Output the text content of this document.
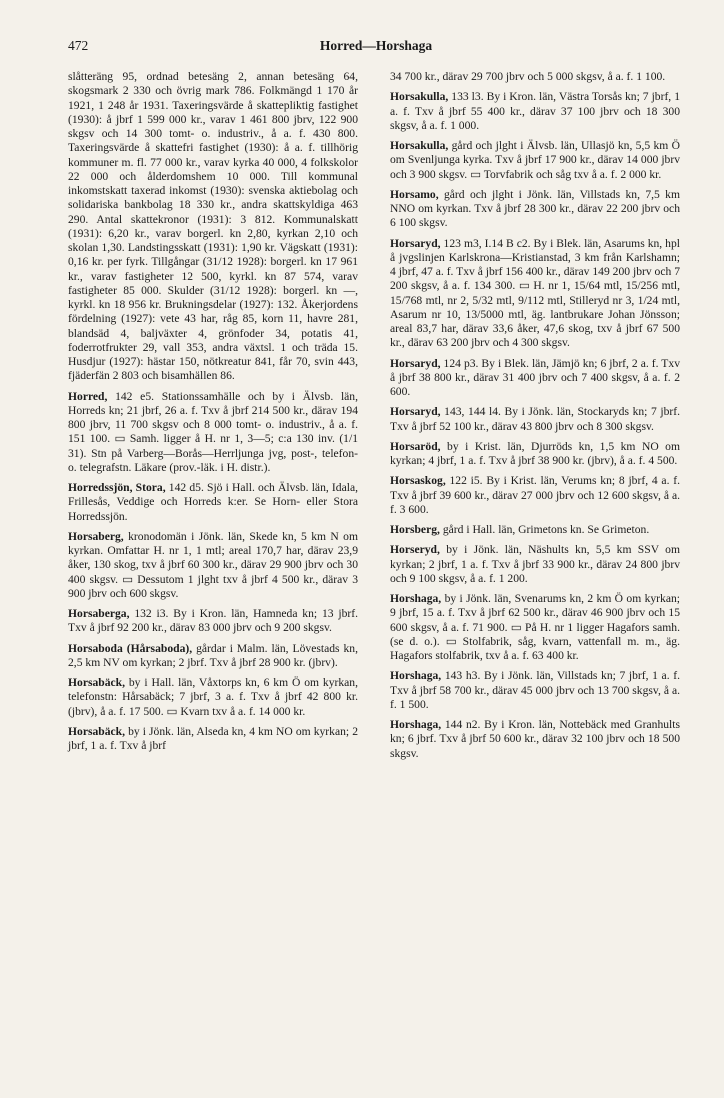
472	Horred—Horshaga

slåtteräng 95, ordnad betesäng 2, annan betesäng 64, skogsmark 2 330 och övrig mark 786. Folkmängd 1 170 år 1921, 1 248 år 1931. Taxeringsvärde å skattepliktig fastighet (1930): å jbrf 1 599 000 kr., varav 1 461 800 jbrv, 122 900 skgsv och 14 300 tomt- o. industriv., å a. f. 430 800. Taxeringsvärde å skattefri fastighet (1930): å a. f. tillhörig kommuner m. fl. 77 000 kr., varav kyrka 40 000, 4 folkskolor 22 000 och ålderdomshem 10 000. Till kommunal inkomstskatt taxerad inkomst (1930): svenska aktiebolag och solidariska bankbolag 18 330 kr., andra skattskyldiga 463 290. Antal skattekronor (1931): 3 812. Kommunalskatt (1931): 6,20 kr., varav borgerl. kn 2,80, kyrkan 2,10 och skolan 1,30. Landstingsskatt (1931): 1,90 kr. Vägskatt (1931): 0,16 kr. per fyrk. Tillgångar (31/12 1928): borgerl. kn 17 961 kr., varav fastigheter 12 500, kyrkl. kn 87 574, varav fastigheter 85 000. Skulder (31/12 1928): borgerl. kn —, kyrkl. kn 18 956 kr. Brukningsdelar (1927): 132. Åkerjordens fördelning (1927): vete 43 har, råg 85, korn 11, havre 281, blandsäd 4, baljväxter 4, grönfoder 34, potatis 41, foderrotfrukter 29, vall 353, andra växtsl. 1 och träda 15. Husdjur (1927): hästar 150, nötkreatur 841, får 70, svin 443, fjäderfän 2 803 och bisamhällen 86.

Horred, 142 e5. Stationssamhälle och by i Älvsb. län, Horreds kn; 21 jbrf, 26 a. f. Txv å jbrf 214 500 kr., därav 194 800 jbrv, 11 700 skgsv och 8 000 tomt- o. industriv., å a. f. 151 100. ▭ Samh. ligger å H. nr 1, 3—5; c:a 130 inv. (1/1 31). Stn på Varberg—Borås—Herrljunga jvg, post-, telefon- o. telegrafstn. Läkare (prov.-läk. i H. distr.).

Horredssjön, Stora, 142 d5. Sjö i Hall. och Älvsb. län, Idala, Frillesås, Veddige och Horreds k:er. Se Horn- eller Stora Horredssjön.

Horsaberg, kronodomän i Jönk. län, Skede kn, 5 km N om kyrkan. Omfattar H. nr 1, 1 mtl; areal 170,7 har, därav 23,9 åker, 130 skog, txv å jbrf 60 300 kr., därav 29 900 jbrv och 30 400 skgsv. ▭ Dessutom 1 jlght txv å jbrf 4 500 kr., därav 3 900 jbrv och 600 skgsv.

Horsaberga, 132 i3. By i Kron. län, Hamneda kn; 13 jbrf. Txv å jbrf 92 200 kr., därav 83 000 jbrv och 9 200 skgsv.

Horsaboda (Hårsaboda), gårdar i Malm. län, Lövestads kn, 2,5 km NV om kyrkan; 2 jbrf. Txv å jbrf 28 900 kr. (jbrv).

Horsabäck, by i Hall. län, Våxtorps kn, 6 km Ö om kyrkan, telefonstn: Hårsabäck; 7 jbrf, 3 a. f. Txv å jbrf 42 800 kr. (jbrv), å a. f. 17 500. ▭ Kvarn txv å a. f. 14 000 kr.

Horsabäck, by i Jönk. län, Alseda kn, 4 km NO om kyrkan; 2 jbrf, 1 a. f. Txv å jbrf

34 700 kr., därav 29 700 jbrv och 5 000 skgsv, å a. f. 1 100.

Horsakulla, 133 l3. By i Kron. län, Västra Torsås kn; 7 jbrf, 1 a. f. Txv å jbrf 55 400 kr., därav 37 100 jbrv och 18 300 skgsv, å a. f. 1 000.

Horsakulla, gård och jlght i Älvsb. län, Ullasjö kn, 5,5 km Ö om Svenljunga kyrka. Txv å jbrf 17 900 kr., därav 14 000 jbrv och 3 900 skgsv. ▭ Torvfabrik och såg txv å a. f. 2 000 kr.

Horsamo, gård och jlght i Jönk. län, Villstads kn, 7,5 km NNO om kyrkan. Txv å jbrf 28 300 kr., därav 22 200 jbrv och 6 100 skgsv.

Horsaryd, 123 m3, I.14 B c2. By i Blek. län, Asarums kn, hpl å jvgslinjen Karlskrona—Kristianstad, 3 km från Karlshamn; 4 jbrf, 47 a. f. Txv å jbrf 156 400 kr., därav 149 200 jbrv och 7 200 skgsv, å a. f. 134 300. ▭ H. nr 1, 15/64 mtl, 15/256 mtl, 15/768 mtl, nr 2, 5/32 mtl, 9/112 mtl, Stilleryd nr 3, 1/24 mtl, Asarum nr 10, 13/5000 mtl, äg. lantbrukare Johan Jönsson; areal 83,7 har, därav 33,6 åker, 47,6 skog, txv å jbrf 67 500 kr., därav 63 200 jbrv och 4 300 skgsv.

Horsaryd, 124 p3. By i Blek. län, Jämjö kn; 6 jbrf, 2 a. f. Txv å jbrf 38 800 kr., därav 31 400 jbrv och 7 400 skgsv, å a. f. 2 600.

Horsaryd, 143, 144 l4. By i Jönk. län, Stockaryds kn; 7 jbrf. Txv å jbrf 52 100 kr., därav 43 800 jbrv och 8 300 skgsv.

Horsaröd, by i Krist. län, Djurröds kn, 1,5 km NO om kyrkan; 4 jbrf, 1 a. f. Txv å jbrf 38 900 kr. (jbrv), å a. f. 4 500.

Horsaskog, 122 i5. By i Krist. län, Verums kn; 8 jbrf, 4 a. f. Txv å jbrf 39 600 kr., därav 27 000 jbrv och 12 600 skgsv, å a. f. 3 600.

Horsberg, gård i Hall. län, Grimetons kn. Se Grimeton.

Horseryd, by i Jönk. län, Näshults kn, 5,5 km SSV om kyrkan; 2 jbrf, 1 a. f. Txv å jbrf 33 900 kr., därav 24 800 jbrv och 9 100 skgsv, å a. f. 1 200.

Horshaga, by i Jönk. län, Svenarums kn, 2 km Ö om kyrkan; 9 jbrf, 15 a. f. Txv å jbrf 62 500 kr., därav 46 900 jbrv och 15 600 skgsv, å a. f. 71 900. ▭ På H. nr 1 ligger Hagafors samh. (se d. o.). ▭ Stolfabrik, såg, kvarn, vattenfall m. m., äg. Hagafors stolfabrik, txv å a. f. 63 400 kr.

Horshaga, 143 h3. By i Jönk. län, Villstads kn; 7 jbrf, 1 a. f. Txv å jbrf 58 700 kr., därav 45 000 jbrv och 13 700 skgsv, å a. f. 1 500.

Horshaga, 144 n2. By i Kron. län, Nottebäck med Granhults kn; 6 jbrf. Txv å jbrf 50 600 kr., därav 32 100 jbrv och 18 500 skgsv.
